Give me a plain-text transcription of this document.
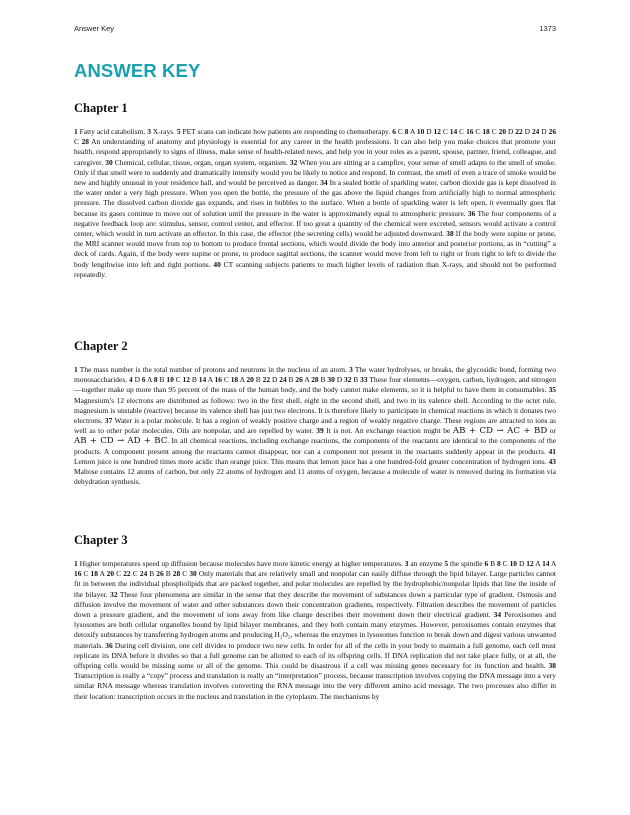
Answer Key	1373
ANSWER KEY
Chapter 1

1 Fatty acid catabolism. 3 X-rays. 5 PET scans can indicate how patients are responding to chemotherapy. 6 C 8 A 10 D 12 C 14 C 16 C 18 C 20 D 22 D 24 D 26 C 28 An understanding of anatomy and physiology is essential for any career in the health professions. It can also help you make choices that promote your health, respond appropriately to signs of illness, make sense of health-related news, and help you in your roles as a parent, spouse, partner, friend, colleague, and caregiver. 30 Chemical, cellular, tissue, organ, organ system, organism. 32 When you are sitting at a campfire, your sense of smell adapts to the smell of smoke. Only if that smell were to suddenly and dramatically intensify would you be likely to notice and respond. In contrast, the smell of even a trace of smoke would be new and highly unusual in your residence hall, and would be perceived as danger. 34 In a sealed bottle of sparkling water, carbon dioxide gas is kept dissolved in the water under a very high pressure. When you open the bottle, the pressure of the gas above the liquid changes from artificially high to normal atmospheric pressure. The dissolved carbon dioxide gas expands, and rises in bubbles to the surface. When a bottle of sparkling water is left open, it eventually goes flat because its gases continue to move out of solution until the pressure in the water is approximately equal to atmospheric pressure. 36 The four components of a negative feedback loop are: stimulus, sensor, control center, and effector. If too great a quantity of the chemical were excreted, sensors would activate a control center, which would in turn activate an effector. In this case, the effector (the secreting cells) would be adjusted downward. 38 If the body were supine or prone, the MRI scanner would move from top to bottom to produce frontal sections, which would divide the body into anterior and posterior portions, as in “cutting” a deck of cards. Again, if the body were supine or prone, to produce sagittal sections, the scanner would move from left to right or from right to left to divide the body lengthwise into left and right portions. 40 CT scanning subjects patients to much higher levels of radiation than X-rays, and should not be performed repeatedly.

Chapter 2

1 The mass number is the total number of protons and neutrons in the nucleus of an atom. 3 The water hydrolyses, or breaks, the glycosidic bond, forming two monosaccharides. 4 D 6 A 8 B 10 C 12 B 14 A 16 C 18 A 20 B 22 D 24 B 26 A 28 B 30 D 32 B 33 These four elements—oxygen, carbon, hydrogen, and nitrogen—together make up more than 95 percent of the mass of the human body, and the body cannot make elements, so it is helpful to have them in consumables. 35 Magnesium’s 12 electrons are distributed as follows: two in the first shell, eight in the second shell, and two in its valence shell. According to the octet rule, magnesium is unstable (reactive) because its valence shell has just two electrons. It is therefore likely to participate in chemical reactions in which it donates two electrons. 37 Water is a polar molecule. It has a region of weakly positive charge and a region of weakly negative charge. These regions are attracted to ions as well as to other polar molecules. Oils are nonpolar, and are repelled by water. 39 It is not. An exchange reaction might be AB + CD → AC + BD or AB + CD → AD + BC. In all chemical reactions, including exchange reactions, the components of the reactants are identical to the components of the products. A component present among the reactants cannot disappear, nor can a component not present in the reactants suddenly appear in the products. 41 Lemon juice is one hundred times more acidic than orange juice. This means that lemon juice has a one hundred-fold greater concentration of hydrogen ions. 43 Maltose contains 12 atoms of carbon, but only 22 atoms of hydrogen and 11 atoms of oxygen, because a molecule of water is removed during its formation via dehydration synthesis.

Chapter 3

1 Higher temperatures speed up diffusion because molecules have more kinetic energy at higher temperatures. 3 an enzyme 5 the spindle 6 B 8 C 10 D 12 A 14 A 16 C 18 A 20 C 22 C 24 B 26 B 28 C 30 Only materials that are relatively small and nonpolar can easily diffuse through the lipid bilayer. Large particles cannot fit in between the individual phospholipids that are packed together, and polar molecules are repelled by the hydrophobic/nonpolar lipids that line the inside of the bilayer. 32 These four phenomena are similar in the sense that they describe the movement of substances down a particular type of gradient. Osmosis and diffusion involve the movement of water and other substances down their concentration gradients, respectively. Filtration describes the movement of particles down a pressure gradient, and the movement of ions away from like charge describes their movement down their electrical gradient. 34 Peroxisomes and lysosomes are both cellular organelles bound by lipid bilayer membranes, and they both contain many enzymes. However, peroxisomes contain enzymes that detoxify substances by transferring hydrogen atoms and producing H₂O₂, whereas the enzymes in lysosomes function to break down and digest various unwanted materials. 36 During cell division, one cell divides to produce two new cells. In order for all of the cells in your body to maintain a full genome, each cell must replicate its DNA before it divides so that a full genome can be allotted to each of its offspring cells. If DNA replication did not take place fully, or at all, the offspring cells would be missing some or all of the genome. This could be disastrous if a cell was missing genes necessary for its function and health. 38 Transcription is really a “copy” process and translation is really an “interpretation” process, because transcription involves copying the DNA message into a very similar RNA message whereas translation involves converting the RNA message into the very different amino acid message. The two processes also differ in their location: transcription occurs in the nucleus and translation in the cytoplasm. The mechanisms by
